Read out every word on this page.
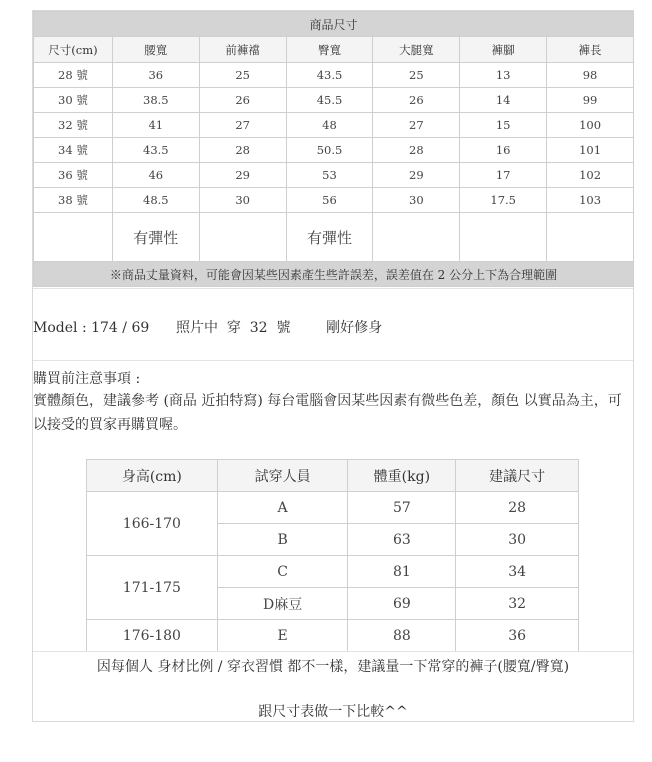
商品尺寸						
尺寸(cm)	腰寬	前褲襠	臀寬	大腿寬	褲腳	褲長
28 號	36	25	43.5	25	13	98
30 號	38.5	26	45.5	26	14	99
32 號	41	27	48	27	15	100
34 號	43.5	28	50.5	28	16	101
36 號	46	29	53	29	17	102
38 號	48.5	30	56	30	17.5	103
	有彈性		有彈性			
※商品丈量資料，可能會因某些因素產生些許誤差，誤差值在 2 公分上下為合理範圍						
Model : 174 / 69      照片中  穿  32  號        剛好修身
購買前注意事項 :
實體顏色，建議參考 (商品 近拍特寫) 每台電腦會因某些因素有微些色差，顏色 以實品為主，可以接受的買家再購買喔。
身高(cm)	試穿人員	體重(kg)	建議尺寸
166-170	A	57	28
	B	63	30
171-175	C	81	34
	D麻豆	69	32
176-180	E	88	36
因每個人 身材比例 / 穿衣習慣 都不一樣，建議量一下常穿的褲子(腰寬/臀寬)
跟尺寸表做一下比較^^
